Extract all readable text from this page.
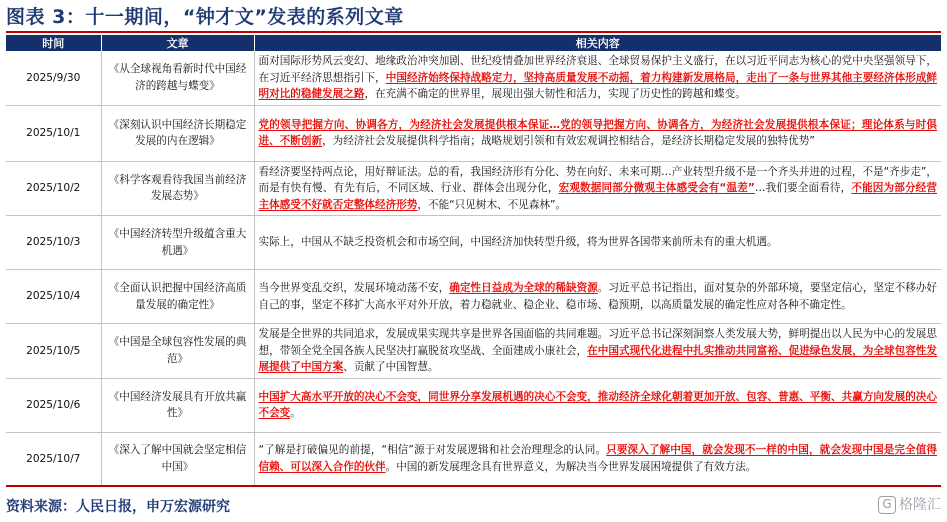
图表 3：十一期间，“钟才文”发表的系列文章
时间	文章	相关内容
2025/9/30	《从全球视角看新时代中国经济的跨越与蝶变》	面对国际形势风云变幻、地缘政治冲突加剧、世纪疫情叠加世界经济衰退、全球贸易保护主义盛行，在以习近平同志为核心的党中央坚强领导下，在习近平经济思想指引下，中国经济始终保持战略定力，坚持高质量发展不动摇，着力构建新发展格局，走出了一条与世界其他主要经济体形成鲜明对比的稳健发展之路，在充满不确定的世界里，展现出强大韧性和活力，实现了历史性的跨越和蝶变。
2025/10/1	《深刻认识中国经济长期稳定发展的内在逻辑》	党的领导把握方向、协调各方，为经济社会发展提供根本保证…党的领导把握方向、协调各方，为经济社会发展提供根本保证；理论体系与时俱进、不断创新，为经济社会发展提供科学指南；战略规划引领和有效宏观调控相结合，是经济长期稳定发展的独特优势”
2025/10/2	《科学客观看待我国当前经济发展态势》	看经济要坚持两点论，用好辩证法。总的看，我国经济形有分化、势在向好、未来可期…产业转型升级不是一个齐头并进的过程，不是“齐步走”，而是有快有慢、有先有后，不同区域、行业、群体会出现分化，宏观数据同部分微观主体感受会有“温差”…我们要全面看待，不能因为部分经营主体感受不好就否定整体经济形势，不能“只见树木、不见森林”。
2025/10/3	《中国经济转型升级蕴含重大机遇》	实际上，中国从不缺乏投资机会和市场空间，中国经济加快转型升级，将为世界各国带来前所未有的重大机遇。
2025/10/4	《全面认识把握中国经济高质量发展的确定性》	当今世界变乱交织，发展环境动荡不安，确定性日益成为全球的稀缺资源。习近平总书记指出，面对复杂的外部环境，要坚定信心，坚定不移办好自己的事，坚定不移扩大高水平对外开放，着力稳就业、稳企业、稳市场、稳预期，以高质量发展的确定性应对各种不确定性。
2025/10/5	《中国是全球包容性发展的典范》	发展是全世界的共同追求，发展成果实现共享是世界各国面临的共同难题。习近平总书记深刻洞察人类发展大势，鲜明提出以人民为中心的发展思想，带领全党全国各族人民坚决打赢脱贫攻坚战、全面建成小康社会，在中国式现代化进程中扎实推动共同富裕、促进绿色发展，为全球包容性发展提供了中国方案、贡献了中国智慧。
2025/10/6	《中国经济发展具有开放共赢性》	中国扩大高水平开放的决心不会变，同世界分享发展机遇的决心不会变，推动经济全球化朝着更加开放、包容、普惠、平衡、共赢方向发展的决心不会变。
2025/10/7	《深入了解中国就会坚定相信中国》	“了解是打破偏见的前提，“相信”源于对发展逻辑和社会治理理念的认同。只要深入了解中国，就会发现不一样的中国，就会发现中国是完全值得信赖、可以深入合作的伙伴。中国的新发展理念具有世界意义，为解决当今世界发展困境提供了有效方法。
资料来源：人民日报，申万宏源研究	G 格隆汇
